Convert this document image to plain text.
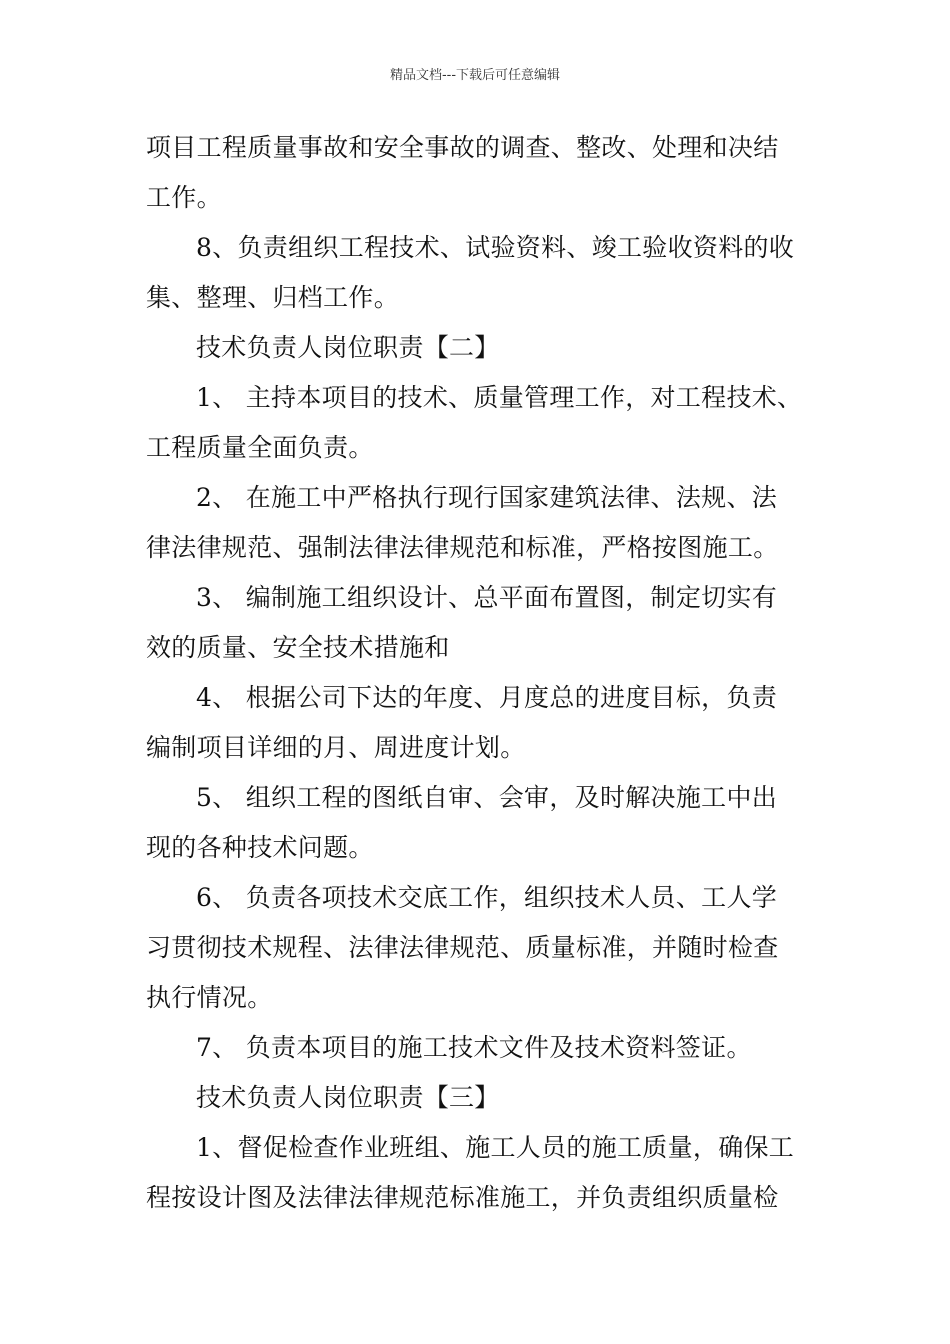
精品文档---下载后可任意编辑
项目工程质量事故和安全事故的调查、整改、处理和决结
工作。
8、负责组织工程技术、试验资料、竣工验收资料的收
集、整理、归档工作。
技术负责人岗位职责【二】
1、 主持本项目的技术、质量管理工作，对工程技术、
工程质量全面负责。
2、 在施工中严格执行现行国家建筑法律、法规、法
律法律规范、强制法律法律规范和标准，严格按图施工。
3、 编制施工组织设计、总平面布置图，制定切实有
效的质量、安全技术措施和
4、 根据公司下达的年度、月度总的进度目标，负责
编制项目详细的月、周进度计划。
5、 组织工程的图纸自审、会审，及时解决施工中出
现的各种技术问题。
6、 负责各项技术交底工作，组织技术人员、工人学
习贯彻技术规程、法律法律规范、质量标准，并随时检查
执行情况。
7、 负责本项目的施工技术文件及技术资料签证。
技术负责人岗位职责【三】
1、督促检查作业班组、施工人员的施工质量，确保工
程按设计图及法律法律规范标准施工，并负责组织质量检
